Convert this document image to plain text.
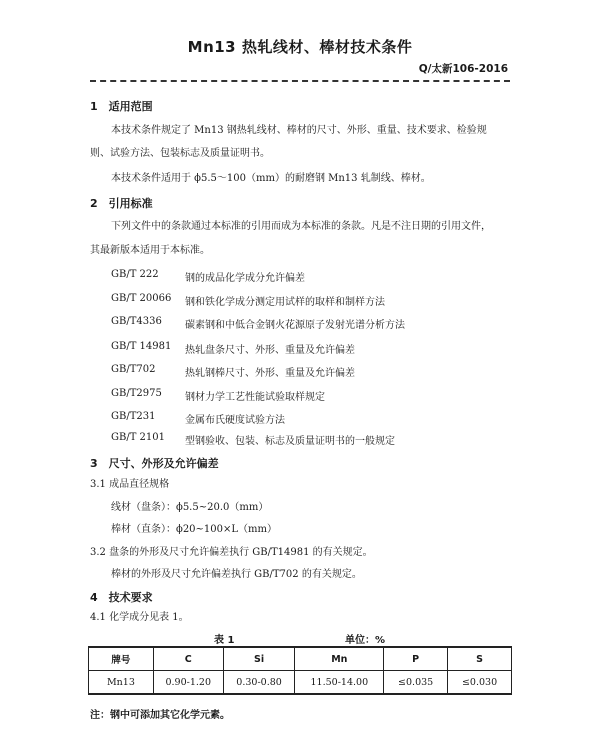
Mn13 热轧线材、棒材技术条件
Q/太新106-2016
1　适用范围
本技术条件规定了 Mn13 钢热轧线材、棒材的尺寸、外形、重量、技术要求、检验规
则、试验方法、包装标志及质量证明书。
本技术条件适用于 ϕ5.5～100（mm）的耐磨钢 Mn13 轧制线、棒材。
2　引用标准
下列文件中的条款通过本标准的引用而成为本标准的条款。凡是不注日期的引用文件，
其最新版本适用于本标准。
GB/T 222	钢的成品化学成分允许偏差
GB/T 20066 钢和铁化学成分测定用试样的取样和制样方法
GB/T4336 碳素钢和中低合金钢火花源原子发射光谱分析方法
GB/T 14981 热轧盘条尺寸、外形、重量及允许偏差
GB/T702	热轧钢棒尺寸、外形、重量及允许偏差
GB/T2975 钢材力学工艺性能试验取样规定
GB/T231	金属布氏硬度试验方法
GB/T 2101 型钢验收、包装、标志及质量证明书的一般规定
3　尺寸、外形及允许偏差
3.1 成品直径规格
线材（盘条）：ϕ5.5~20.0（mm）
棒材（直条）：ϕ20~100×L（mm）
3.2 盘条的外形及尺寸允许偏差执行 GB/T14981 的有关规定。
棒材的外形及尺寸允许偏差执行 GB/T702 的有关规定。
4　技术要求
4.1 化学成分见表 1。
表 1	单位：%
牌号	C	Si	Mn	P	S
Mn13	0.90-1.20	0.30-0.80	11.50-14.00	≤0.035	≤0.030
注：钢中可添加其它化学元素。
